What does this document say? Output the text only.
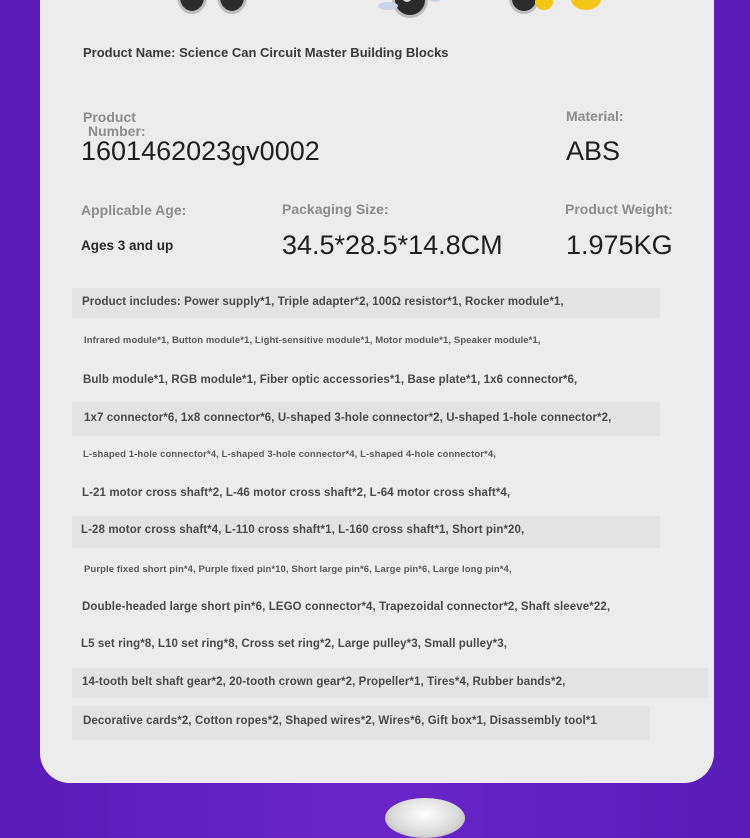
Product Name: Science Can Circuit Master Building Blocks
Product
Number:
1601462023gv0002
Material:
ABS
Applicable Age:
Ages 3 and up
Packaging Size:
34.5*28.5*14.8CM
Product Weight:
1.975KG
Product includes: Power supply*1, Triple adapter*2, 100Ω resistor*1, Rocker module*1,
Infrared module*1, Button module*1, Light-sensitive module*1, Motor module*1, Speaker module*1,
Bulb module*1, RGB module*1, Fiber optic accessories*1, Base plate*1, 1x6 connector*6,
1x7 connector*6, 1x8 connector*6, U-shaped 3-hole connector*2, U-shaped 1-hole connector*2,
L-shaped 1-hole connector*4, L-shaped 3-hole connector*4, L-shaped 4-hole connector*4,
L-21 motor cross shaft*2, L-46 motor cross shaft*2, L-64 motor cross shaft*4,
L-28 motor cross shaft*4, L-110 cross shaft*1, L-160 cross shaft*1, Short pin*20,
Purple fixed short pin*4, Purple fixed pin*10, Short large pin*6, Large pin*6, Large long pin*4,
Double-headed large short pin*6, LEGO connector*4, Trapezoidal connector*2, Shaft sleeve*22,
L5 set ring*8, L10 set ring*8, Cross set ring*2, Large pulley*3, Small pulley*3,
14-tooth belt shaft gear*2, 20-tooth crown gear*2, Propeller*1, Tires*4, Rubber bands*2,
Decorative cards*2, Cotton ropes*2, Shaped wires*2, Wires*6, Gift box*1, Disassembly tool*1
